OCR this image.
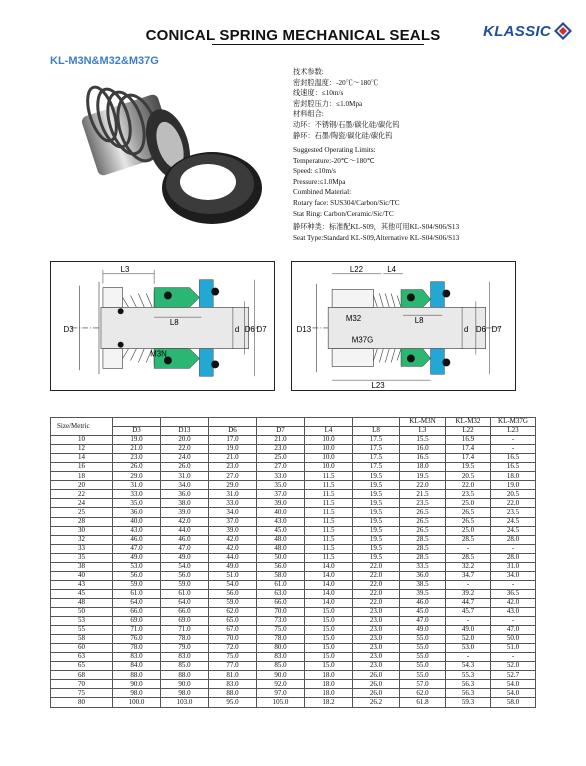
CONICAL SPRING MECHANICAL SEALS	KLASSIC
KL-M3N&M32&M37G
技术参数:
密封腔温度：-20℃～180℃
线速度：≤10m/s
密封腔压力：≤1.0Mpa
材料组合:
动环：不锈钢/石墨/碳化硅/碳化钨
静环：石墨/陶瓷/碳化硅/碳化钨
Suggested Operating Limits:
Temperature:-20℃～180℃
Speed: ≤10m/s
Pressure:≤1.0Mpa
Combined Material:
Rotary face: SUS304/Carbon/Sic/TC
Stat Ring: Carbon/Ceramic/Sic/TC
静环种类：标准配KL-S09，其他可用KL-S04/S06/S13
Seat Type:Standard KL-S09,Alternative KL-S04/S06/S13
L3
L8
D3	d D6 D7
M3N
L22	L4
L8
L23
D13	d D6 D7
M32
M37G
Size/Metric							KL-M3N	KL-M32	KL-M37G
	D3	D13	D6	D7	L4	L8	L3	L22	L23
10	19.0	20.0	17.0	21.0	10.0	17.5	15.5	16.9	-
12	21.0	22.0	19.0	23.0	10.0	17.5	16.0	17.4	-
14	23.0	24.0	21.0	25.0	10.0	17.5	16.5	17.4	16.5
16	26.0	26.0	23.0	27.0	10.0	17.5	18.0	19.5	16.5
18	29.0	31.0	27.0	33.0	11.5	19.5	19.5	20.5	18.0
20	31.0	34.0	29.0	35.0	11.5	19.5	22.0	22.0	19.0
22	33.0	36.0	31.0	37.0	11.5	19.5	21.5	23.5	20.5
24	35.0	38.0	33.0	39.0	11.5	19.5	23.5	25.0	22.0
25	36.0	39.0	34.0	40.0	11.5	19.5	26.5	26.5	23.5
28	40.0	42.0	37.0	43.0	11.5	19.5	26.5	26.5	24.5
30	43.0	44.0	39.0	45.0	11.5	19.5	26.5	25.0	24.5
32	46.0	46.0	42.0	48.0	11.5	19.5	28.5	28.5	28.0
33	47.0	47.0	42.0	48.0	11.5	19.5	28.5	-	-
35	49.0	49.0	44.0	50.0	11.5	19.5	28.5	28.5	28.0
38	53.0	54.0	49.0	56.0	14.0	22.0	33.5	32.2	31.0
40	56.0	56.0	51.0	58.0	14.0	22.0	36.0	34.7	34.0
43	59.0	59.0	54.0	61.0	14.0	22.0	38.5	-	-
45	61.0	61.0	56.0	63.0	14.0	22.0	39.5	39.2	36.5
48	64.0	64.0	59.0	66.0	14.0	22.0	46.0	44.7	42.0
50	66.0	66.0	62.0	70.0	15.0	23.0	45.0	45.7	43.0
53	69.0	69.0	65.0	73.0	15.0	23.0	47.0	-	-
55	71.0	71.0	67.0	75.0	15.0	23.0	49.0	49.0	47.0
58	76.0	78.0	70.0	78.0	15.0	23.0	55.0	52.0	50.0
60	78.0	79.0	72.0	80.0	15.0	23.0	55.0	53.0	51.0
63	83.0	83.0	75.0	83.0	15.0	23.0	55.0	-	-
65	84.0	85.0	77.0	85.0	15.0	23.0	55.0	54.3	52.0
68	88.0	88.0	81.0	90.0	18.0	26.0	55.0	55.3	52.7
70	90.0	90.0	83.0	92.0	18.0	26.0	57.0	56.3	54.0
75	98.0	98.0	88.0	97.0	18.0	26.0	62.0	56.3	54.0
80	100.0	103.0	95.0	105.0	18.2	26.2	61.8	59.3	58.0
